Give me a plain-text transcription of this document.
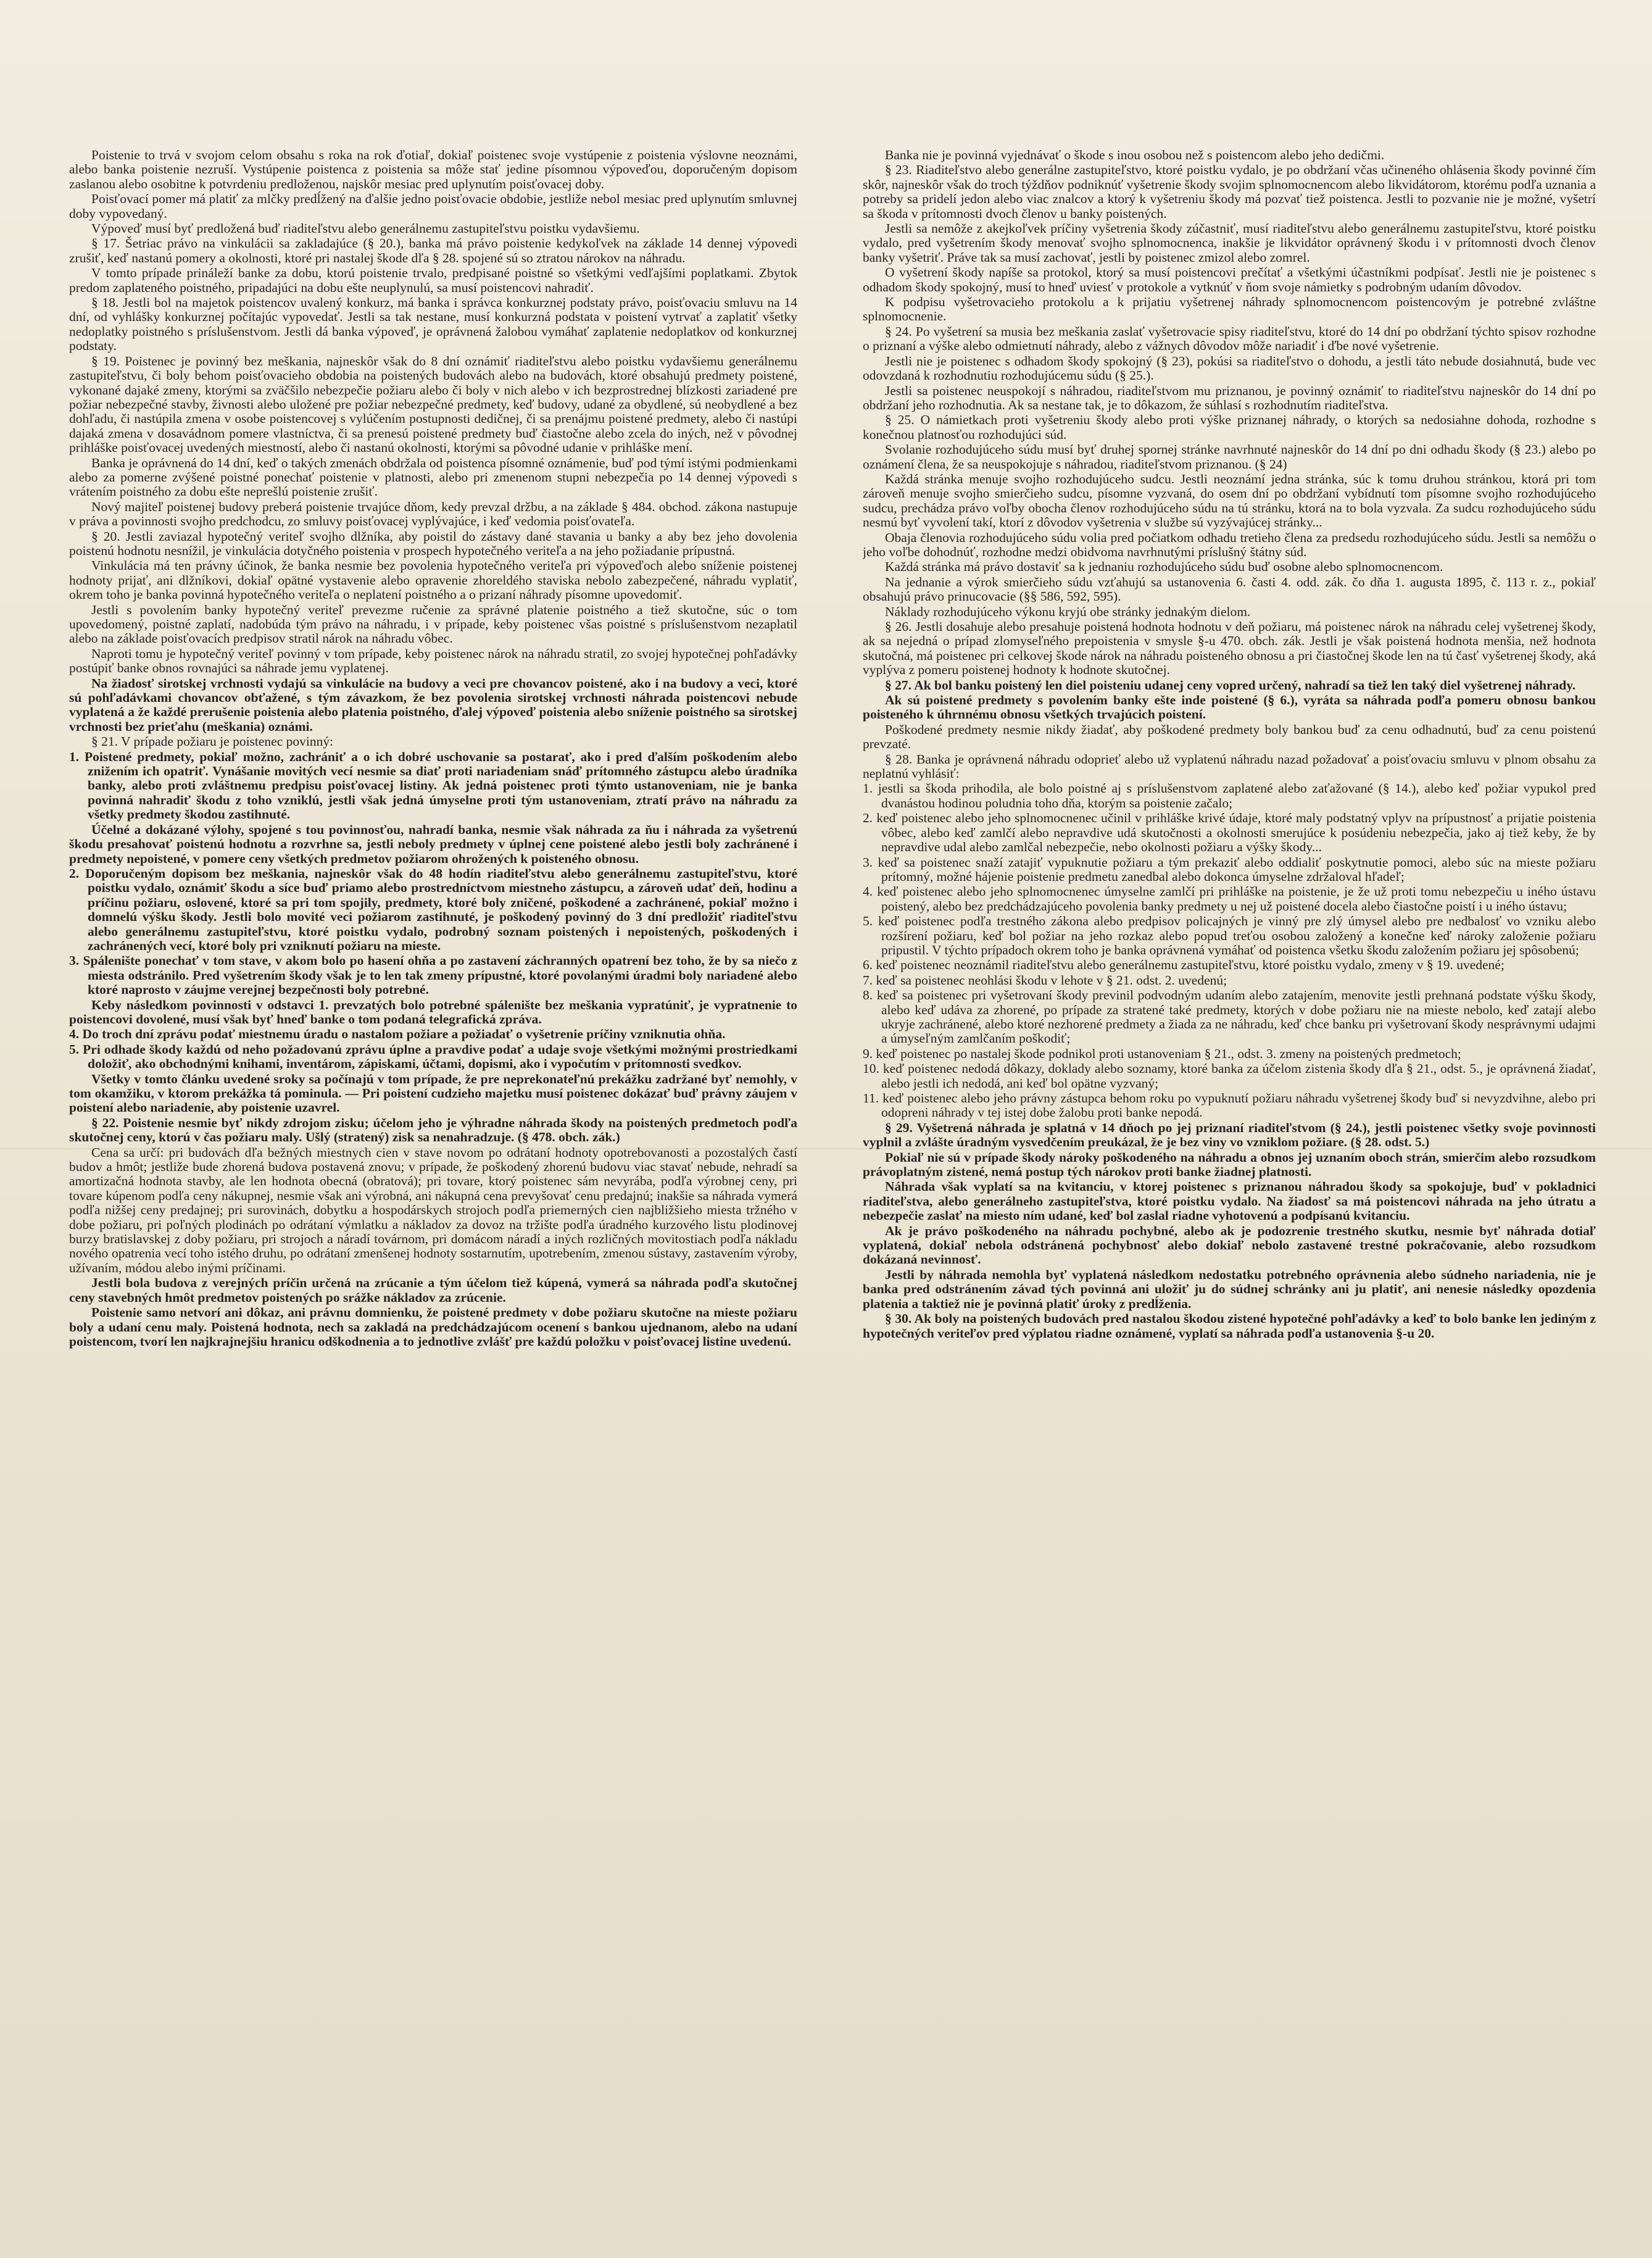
Poistenie to trvá v svojom celom obsahu s roka na rok ďotiaľ, dokiaľ poistenec svoje vystúpenie z poistenia výslovne neoznámi, alebo banka poistenie nezruší. Vystúpenie poistenca z poistenia sa môže stať jedine písomnou výpoveďou, doporučeným dopisom zaslanou alebo osobitne k potvrdeniu predloženou, najskôr mesiac pred uplynutím poisťovacej doby.

Poisťovací pomer má platiť za mlčky predĺžený na ďalšie jedno poisťovacie obdobie, jestliže nebol mesiac pred uplynutím smluvnej doby vypovedaný.

Výpoveď musí byť predložená buď riaditeľstvu alebo generálnemu zastupiteľstvu poistku vydavšiemu.

§ 17. Šetriac právo na vinkulácii sa zakladajúce (§ 20.), banka má právo poistenie kedykoľvek na základe 14 dennej výpovedi zrušiť, keď nastanú pomery a okolnosti, ktoré pri nastalej škode dľa § 28. spojené sú so ztratou nárokov na náhradu.

V tomto prípade prináleží banke za dobu, ktorú poistenie trvalo, predpisané poistné so všetkými vedľajšími poplatkami. Zbytok predom zaplateného poistného, pripadajúci na dobu ešte neuplynulú, sa musí poistencovi nahradiť.

§ 18. Jestli bol na majetok poistencov uvalený konkurz, má banka i správca konkurznej podstaty právo, poisťovaciu smluvu na 14 dní, od vyhlášky konkurznej počítajúc vypovedať. Jestli sa tak nestane, musí konkurzná podstata v poistení vytrvať a zaplatiť všetky nedoplatky poistného s príslušenstvom. Jestli dá banka výpoveď, je oprávnená žalobou vymáhať zaplatenie nedoplatkov od konkurznej podstaty.

§ 19. Poistenec je povinný bez meškania, najneskôr však do 8 dní oznámiť riaditeľstvu alebo poistku vydavšiemu generálnemu zastupiteľstvu, či boly behom poisťovacieho obdobia na poistených budovách alebo na budovách, ktoré obsahujú predmety poistené, vykonané dajaké zmeny, ktorými sa zväčšilo nebezpečie požiaru alebo či boly v nich alebo v ich bezprostrednej blízkosti zariadené pre požiar nebezpečné stavby, živnosti alebo uložené pre požiar nebezpečné predmety, keď budovy, udané za obydlené, sú neobydlené a bez dohľadu, či nastúpila zmena v osobe poistencovej s vylúčením postupnosti dedičnej, či sa prenájmu poistené predmety, alebo či nastúpi dajaká zmena v dosavádnom pomere vlastníctva, či sa prenesú poistené predmety buď čiastočne alebo zcela do iných, než v pôvodnej prihláške poisťovacej uvedených miestností, alebo či nastanú okolnosti, ktorými sa pôvodné udanie v prihláške mení.

Banka je oprávnená do 14 dní, keď o takých zmenách obdržala od poistenca písomné oznámenie, buď pod týmí istými podmienkami alebo za pomerne zvýšené poistné ponechať poistenie v platnosti, alebo pri zmenenom stupni nebezpečia po 14 dennej výpovedi s vrátením poistného za dobu ešte neprešlú poistenie zrušiť.

Nový majiteľ poistenej budovy preberá poistenie trvajúce dňom, kedy prevzal držbu, a na základe § 484. obchod. zákona nastupuje v práva a povinnosti svojho predchodcu, zo smluvy poisťovacej vyplývajúce, i keď vedomia poisťovateľa.

§ 20. Jestli zaviazal hypotečný veriteľ svojho dlžníka, aby poistil do zástavy dané stavania u banky a aby bez jeho dovolenia poistenú hodnotu nesnížil, je vinkulácia dotyčného poistenia v prospech hypotečného veriteľa a na jeho požiadanie prípustná.

Vinkulácia má ten právny účinok, že banka nesmie bez povolenia hypotečného veriteľa pri výpoveďoch alebo sníženie poistenej hodnoty prijať, ani dlžníkovi, dokiaľ opätné vystavenie alebo opravenie zhoreldého staviska nebolo zabezpečené, náhradu vyplatiť, okrem toho je banka povinná hypotečného veriteľa o neplatení poistného a o prizaní náhrady písomne upovedomiť.

Jestli s povolením banky hypotečný veriteľ prevezme ručenie za správné platenie poistného a tiež skutočne, súc o tom upovedomený, poistné zaplatí, nadobúda tým právo na náhradu, i v prípade, keby poistenec všas poistné s príslušenstvom nezaplatil alebo na základe poisťovacích predpisov stratil nárok na náhradu vôbec.

Naproti tomu je hypotečný veriteľ povinný v tom prípade, keby poistenec nárok na náhradu stratil, zo svojej hypotečnej pohľadávky postúpiť banke obnos rovnajúci sa náhrade jemu vyplatenej.

Na žiadosť sirotskej vrchnosti vydajú sa vinkulácie na budovy a veci pre chovancov poistené, ako i na budovy a veci, ktoré sú pohľadávkami chovancov obťažené, s tým závazkom, že bez povolenia sirotskej vrchnosti náhrada poistencovi nebude vyplatená a že každé prerušenie poistenia alebo platenia poistného, ďalej výpoveď poistenia alebo sníženie poistného sa sirotskej vrchnosti bez prieťahu (meškania) oznámi.

§ 21. V prípade požiaru je poistenec povinný:

1. Poistené predmety, pokiaľ možno, zachrániť a o ich dobré uschovanie sa postarať, ako i pred ďalším poškodením alebo znižením ich opatriť. Vynášanie movitých vecí nesmie sa diať proti nariadeniam snáď prítomného zástupcu alebo úradníka banky, alebo proti zvláštnemu predpisu poisťovacej listiny. Ak jedná poistenec proti týmto ustanoveniam, nie je banka povinná nahradiť škodu z toho vzniklú, jestli však jedná úmyselne proti tým ustanoveniam, ztratí právo na náhradu za všetky predmety škodou zastihnuté.

Účelné a dokázané výlohy, spojené s tou povinnosťou, nahradí banka, nesmie však náhrada za ňu i náhrada za vyšetrenú škodu presahovať poistenú hodnotu a rozvrhne sa, jestli neboly predmety v úplnej cene poistené alebo jestli boly zachránené i predmety nepoistené, v pomere ceny všetkých predmetov požiarom ohrožených k poisteného obnosu.

2. Doporučeným dopisom bez meškania, najneskôr však do 48 hodín riaditeľstvu alebo generálnemu zastupiteľstvu, ktoré poistku vydalo, oznámiť škodu a síce buď priamo alebo prostredníctvom miestneho zástupcu, a zároveň udať deň, hodinu a príčinu požiaru, oslovené, ktoré sa pri tom spojily, predmety, ktoré boly zničené, poškodené a zachránené, pokiaľ možno i domnelú výšku škody. Jestli bolo movité veci požiarom zastihnuté, je poškodený povinný do 3 dní predložiť riaditeľstvu alebo generálnemu zastupiteľstvu, ktoré poistku vydalo, podrobný soznam poistených i nepoistených, poškodených i zachránených vecí, ktoré boly pri vzniknutí požiaru na mieste.

3. Spálenište ponechať v tom stave, v akom bolo po hasení ohňa a po zastavení záchranných opatrení bez toho, že by sa niečo z miesta odstránilo. Pred vyšetrením škody však je to len tak zmeny prípustné, ktoré povolanými úradmi boly nariadené alebo ktoré naprosto v záujme verejnej bezpečnosti boly potrebné.

Keby následkom povinnosti v odstavci 1. prevzatých bolo potrebné spálenište bez meškania vypratúniť, je vypratnenie to poistencovi dovolené, musí však byť hneď banke o tom podaná telegrafická zpráva.

4. Do troch dní zprávu podať miestnemu úradu o nastalom požiare a požiadať o vyšetrenie príčiny vzniknutia ohňa.

5. Pri odhade škody každú od neho požadovanú zprávu úplne a pravdive podať a udaje svoje všetkými možnými prostriedkami doložiť, ako obchodnými knihami, inventárom, zápiskami, účtami, dopismi, ako i vypočutím v prítomnosti svedkov.

Všetky v tomto článku uvedené sroky sa počínajú v tom prípade, že pre neprekonateľnú prekážku zadržané byť nemohly, v tom okamžiku, v ktorom prekážka tá pominula. — Pri poistení cudzieho majetku musí poistenec dokázať buď právny záujem v poistení alebo nariadenie, aby poistenie uzavrel.

§ 22. Poistenie nesmie byť nikdy zdrojom zisku; účelom jeho je výhradne náhrada škody na poistených predmetoch podľa skutočnej ceny, ktorú v čas požiaru maly. Ušlý (stratený) zisk sa nenahradzuje. (§ 478. obch. zák.)

Cena sa určí: pri budovách dľa bežných miestnych cien v stave novom po odrátaní hodnoty opotrebovanosti a pozostalých častí budov a hmôt; jestliže bude zhorená budova postavená znovu; v prípade, že poškodený zhorenú budovu viac stavať nebude, nehradí sa amortizačná hodnota stavby, ale len hodnota obecná (obratová); pri tovare, ktorý poistenec sám nevyrába, podľa výrobnej ceny, pri tovare kúpenom podľa ceny nákupnej, nesmie však ani výrobná, ani nákupná cena prevyšovať cenu predajnú; inakšie sa náhrada vymerá podľa nižšej ceny predajnej; pri surovinách, dobytku a hospodárskych strojoch podľa priemerných cien najbližšieho miesta tržného v dobe požiaru, pri poľných plodinách po odrátaní výmlatku a nákladov za dovoz na tržište podľa úradného kurzového listu plodinovej burzy bratislavskej z doby požiaru, pri strojoch a náradí továrnom, pri domácom náradí a iných rozličných movitostiach podľa nákladu nového opatrenia vecí toho istého druhu, po odrátaní zmenšenej hodnoty sostarnutím, upotrebením, zmenou sústavy, zastavením výroby, užívaním, módou alebo inými príčinami.

Jestli bola budova z verejných príčin určená na zrúcanie a tým účelom tiež kúpená, vymerá sa náhrada podľa skutočnej ceny stavebných hmôt predmetov poistených po srážke nákladov za zrúcenie.

Poistenie samo netvorí ani dôkaz, ani právnu domnienku, že poistené predmety v dobe požiaru skutočne na mieste požiaru boly a udaní cenu maly. Poistená hodnota, nech sa zakladá na predchádzajúcom ocenení s bankou ujednanom, alebo na udaní poistencom, tvorí len najkrajnejšiu hranicu odškodnenia a to jednotlive zvlášť pre každú položku v poisťovacej listine uvedenú.

Banka nie je povinná vyjednávať o škode s inou osobou než s poistencom alebo jeho dedičmi.

§ 23. Riaditeľstvo alebo generálne zastupiteľstvo, ktoré poistku vydalo, je po obdržaní včas učineného ohlásenia škody povinné čím skôr, najneskôr však do troch týždňov podniknúť vyšetrenie škody svojim splnomocnencom alebo likvidátorom, ktorému podľa uznania a potreby sa pridelí jedon alebo viac znalcov a ktorý k vyšetreniu škody má pozvať tiež poistenca. Jestli to pozvanie nie je možné, vyšetrí sa škoda v prítomnosti dvoch členov u banky poistených.

Jestli sa nemôže z akejkoľvek príčiny vyšetrenia škody zúčastniť, musí riaditeľstvu alebo generálnemu zastupiteľstvu, ktoré poistku vydalo, pred vyšetrením škody menovať svojho splnomocnenca, inakšie je likvidátor oprávnený škodu i v prítomnosti dvoch členov banky vyšetriť. Práve tak sa musí zachovať, jestli by poistenec zmizol alebo zomrel.

O vyšetrení škody napíše sa protokol, ktorý sa musí poistencovi prečítať a všetkými účastníkmi podpísať. Jestli nie je poistenec s odhadom škody spokojný, musí to hneď uviesť v protokole a vytknúť v ňom svoje námietky s podrobným udaním dôvodov.

K podpisu vyšetrovacieho protokolu a k prijatiu vyšetrenej náhrady splnomocnencom poistencovým je potrebné zvláštne splnomocnenie.

§ 24. Po vyšetrení sa musia bez meškania zaslať vyšetrovacie spisy riaditeľstvu, ktoré do 14 dní po obdržaní týchto spisov rozhodne o priznaní a výške alebo odmietnutí náhrady, alebo z vážnych dôvodov môže nariadiť i ďbe nové vyšetrenie.

Jestli nie je poistenec s odhadom škody spokojný (§ 23), pokúsi sa riaditeľstvo o dohodu, a jestli táto nebude dosiahnutá, bude vec odovzdaná k rozhodnutiu rozhodujúcemu súdu (§ 25.).

Jestli sa poistenec neuspokojí s náhradou, riaditeľstvom mu priznanou, je povinný oznámiť to riaditeľstvu najneskôr do 14 dní po obdržaní jeho rozhodnutia. Ak sa nestane tak, je to dôkazom, že súhlasí s rozhodnutím riaditeľstva.

§ 25. O námietkach proti vyšetreniu škody alebo proti výške priznanej náhrady, o ktorých sa nedosiahne dohoda, rozhodne s konečnou platnosťou rozhodujúci súd.

Svolanie rozhodujúceho súdu musí byť druhej spornej stránke navrhnuté najneskôr do 14 dní po dni odhadu škody (§ 23.) alebo po oznámení člena, že sa neuspokojuje s náhradou, riaditeľstvom priznanou. (§ 24)

Každá stránka menuje svojho rozhodujúceho sudcu. Jestli neoznámí jedna stránka, súc k tomu druhou stránkou, ktorá pri tom zároveň menuje svojho smierčieho sudcu, písomne vyzvaná, do osem dní po obdržaní vybídnutí tom písomne svojho rozhodujúceho sudcu, prechádza právo voľby obocha členov rozhodujúceho súdu na tú stránku, ktorá na to bola vyzvala. Za sudcu rozhodujúceho súdu nesmú byť vyvolení takí, ktorí z dôvodov vyšetrenia v službe sú vyzývajúcej stránky...

Obaja členovia rozhodujúceho súdu volia pred počiatkom odhadu tretieho člena za predsedu rozhodujúceho súdu. Jestli sa nemôžu o jeho voľbe dohodnúť, rozhodne medzi obidvoma navrhnutými príslušný štátny súd.

Každá stránka má právo dostaviť sa k jednaniu rozhodujúceho súdu buď osobne alebo splnomocnencom.

Na jednanie a výrok smierčieho súdu vzťahujú sa ustanovenia 6. časti 4. odd. zák. čo dňa 1. augusta 1895, č. 113 r. z., pokiaľ obsahujú právo prinucovacie (§§ 586, 592, 595).

Náklady rozhodujúceho výkonu kryjú obe stránky jednakým dielom.

§ 26. Jestli dosahuje alebo presahuje poistená hodnota hodnotu v deň požiaru, má poistenec nárok na náhradu celej vyšetrenej škody, ak sa nejedná o prípad zlomyseľného prepoistenia v smysle §-u 470. obch. zák. Jestli je však poistená hodnota menšia, než hodnota skutočná, má poistenec pri celkovej škode nárok na náhradu poisteného obnosu a pri čiastočnej škode len na tú časť vyšetrenej škody, aká vyplýva z pomeru poistenej hodnoty k hodnote skutočnej.

§ 27. Ak bol banku poistený len diel poisteniu udanej ceny vopred určený, nahradí sa tiež len taký diel vyšetrenej náhrady.

Ak sú poistené predmety s povolením banky ešte inde poistené (§ 6.), vyráta sa náhrada podľa pomeru obnosu bankou poisteného k úhrnnému obnosu všetkých trvajúcich poistení.

Poškodené predmety nesmie nikdy žiadať, aby poškodené predmety boly bankou buď za cenu odhadnutú, buď za cenu poistenú prevzaté.

§ 28. Banka je oprávnená náhradu odoprieť alebo už vyplatenú náhradu nazad požadovať a poisťovaciu smluvu v plnom obsahu za neplatnú vyhlásiť:

1. jestli sa škoda prihodila, ale bolo poistné aj s príslušenstvom zaplatené alebo zaťažované (§ 14.), alebo keď požiar vypukol pred dvanástou hodinou poludnia toho dňa, ktorým sa poistenie začalo;

2. keď poistenec alebo jeho splnomocnenec učinil v prihláške krivé údaje, ktoré maly podstatný vplyv na prípustnosť a prijatie poistenia vôbec, alebo keď zamlčí alebo nepravdive udá skutočnosti a okolnosti smerujúce k posúdeniu nebezpečia, jako aj tiež keby, že by nepravdive udal alebo zamlčal nebezpečie, nebo okolnosti požiaru a výšky škody...

3. keď sa poistenec snaží zatajiť vypuknutie požiaru a tým prekaziť alebo oddialiť poskytnutie pomoci, alebo súc na mieste požiaru prítomný, možné hájenie poistenie predmetu zanedbal alebo dokonca úmyselne zdržaloval hľadeľ;

4. keď poistenec alebo jeho splnomocnenec úmyselne zamlčí pri prihláške na poistenie, je že už proti tomu nebezpečiu u iného ústavu poistený, alebo bez predchádzajúceho povolenia banky predmety u nej už poistené docela alebo čiastočne poistí i u iného ústavu;

5. keď poistenec podľa trestného zákona alebo predpisov policajných je vinný pre zlý úmysel alebo pre nedbalosť vo vzniku alebo rozšírení požiaru, keď bol požiar na jeho rozkaz alebo popud treťou osobou založený a konečne keď nároky založenie požiaru pripustil. V týchto prípadoch okrem toho je banka oprávnená vymáhať od poistenca všetku škodu založením požiaru jej spôsobenú;

6. keď poistenec neoznámil riaditeľstvu alebo generálnemu zastupiteľstvu, ktoré poistku vydalo, zmeny v § 19. uvedené;

7. keď sa poistenec neohlási škodu v lehote v § 21. odst. 2. uvedenú;

8. keď sa poistenec pri vyšetrovaní škody previnil podvodným udaním alebo zatajením, menovite jestli prehnaná podstate výšku škody, alebo keď udáva za zhorené, po prípade za stratené také predmety, ktorých v dobe požiaru nie na mieste nebolo, keď zatají alebo ukryje zachránené, alebo ktoré nezhorené predmety a žiada za ne náhradu, keď chce banku pri vyšetrovaní škody nesprávnymi udajmi a úmyseľným zamlčaním poškodiť;

9. keď poistenec po nastalej škode podnikol proti ustanoveniam § 21., odst. 3. zmeny na poistených predmetoch;

10. keď poistenec nedodá dôkazy, doklady alebo soznamy, ktoré banka za účelom zistenia škody dľa § 21., odst. 5., je oprávnená žiadať, alebo jestli ich nedodá, ani keď bol opätne vyzvaný;

11. keď poistenec alebo jeho právny zástupca behom roku po vypuknutí požiaru náhradu vyšetrenej škody buď si nevyzdvihne, alebo pri odopreni náhrady v tej istej dobe žalobu proti banke nepodá.

§ 29. Vyšetrená náhrada je splatná v 14 dňoch po jej priznaní riaditeľstvom (§ 24.), jestli poistenec všetky svoje povinnosti vyplnil a zvlášte úradným vysvedčením preukázal, že je bez viny vo vzniklom požiare. (§ 28. odst. 5.)

Pokiaľ nie sú v prípade škody nároky poškodeného na náhradu a obnos jej uznaním oboch strán, smierčim alebo rozsudkom právoplatným zistené, nemá postup tých nárokov proti banke žiadnej platnosti.

Náhrada však vyplatí sa na kvitanciu, v ktorej poistenec s priznanou náhradou škody sa spokojuje, buď v pokladnici riaditeľstva, alebo generálneho zastupiteľstva, ktoré poistku vydalo. Na žiadosť sa má poistencovi náhrada na jeho útratu a nebezpečie zaslať na miesto ním udané, keď bol zaslal riadne vyhotovenú a podpísanú kvitanciu.

Ak je právo poškodeného na náhradu pochybné, alebo ak je podozrenie trestného skutku, nesmie byť náhrada dotiaľ vyplatená, dokiaľ nebola odstránená pochybnosť alebo dokiaľ nebolo zastavené trestné pokračovanie, alebo rozsudkom dokázaná nevinnosť.

Jestli by náhrada nemohla byť vyplatená následkom nedostatku potrebného oprávnenia alebo súdneho nariadenia, nie je banka pred odstránením závad tých povinná ani uložiť ju do súdnej schránky ani ju platiť, ani nenesie následky opozdenia platenia a taktiež nie je povinná platiť úroky z predĺženia.

§ 30. Ak boly na poistených budovách pred nastalou škodou zistené hypotečné pohľadávky a keď to bolo banke len jediným z hypotečných veriteľov pred výplatou riadne oznámené, vyplatí sa náhrada podľa ustanovenia §-u 20.
